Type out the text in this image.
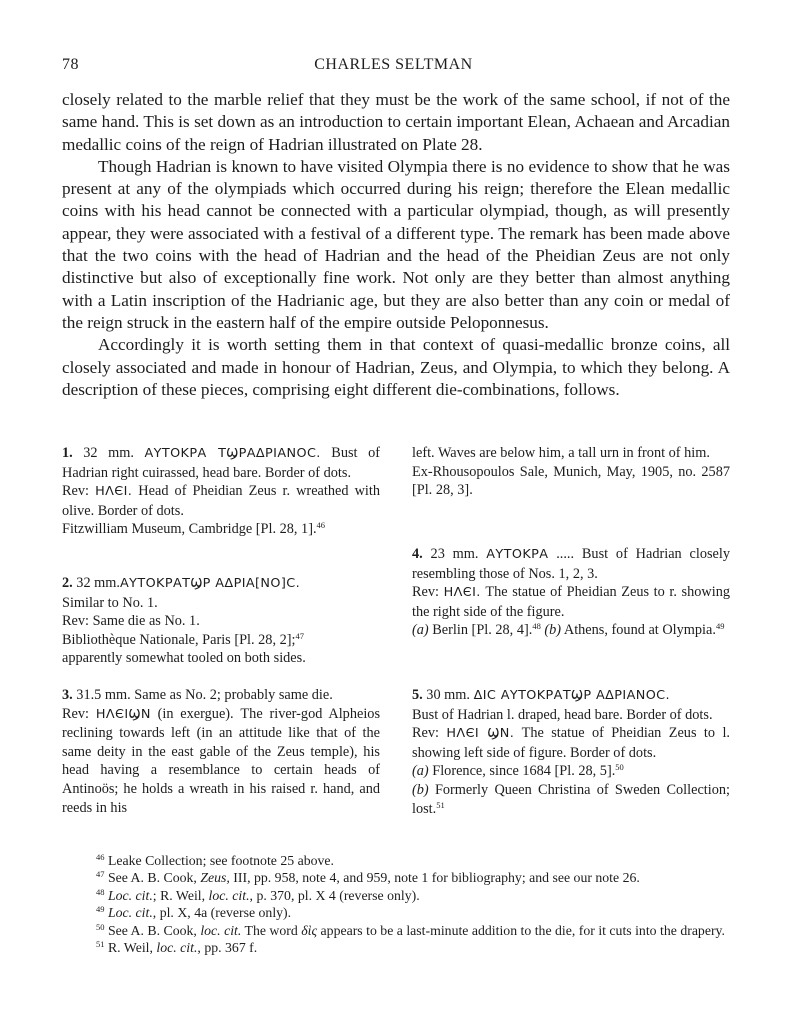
78	CHARLES SELTMAN

closely related to the marble relief that they must be the work of the same school, if not of the same hand. This is set down as an introduction to certain important Elean, Achaean and Arcadian medallic coins of the reign of Hadrian illustrated on Plate 28.

Though Hadrian is known to have visited Olympia there is no evidence to show that he was present at any of the olympiads which occurred during his reign; therefore the Elean medallic coins with his head cannot be connected with a particular olympiad, though, as will presently appear, they were associated with a festival of a different type. The remark has been made above that the two coins with the head of Hadrian and the head of the Pheidian Zeus are not only distinctive but also of exceptionally fine work. Not only are they better than almost anything with a Latin inscription of the Hadrianic age, but they are also better than any coin or medal of the reign struck in the eastern half of the empire outside Peloponnesus.

Accordingly it is worth setting them in that context of quasi-medallic bronze coins, all closely associated and made in honour of Hadrian, Zeus, and Olympia, to which they belong. A description of these pieces, comprising eight different die-combinations, follows.

1. 32 mm. ΑΥΤΟΚΡΑ ΤϢΡΑΔΡΙΑΝΟϹ. Bust of Hadrian right cuirassed, head bare. Border of dots.

Rev: ΗΛЄΙ. Head of Pheidian Zeus r. wreathed with olive. Border of dots.

Fitzwilliam Museum, Cambridge [Pl. 28, 1].$^{46}$

2. 32 mm.ΑΥΤΟΚΡΑΤϢΡ ΑΔΡΙΑ[ΝΟ]Ϲ.

Similar to No. 1.

Rev: Same die as No. 1.

Bibliothèque Nationale, Paris [Pl. 28, 2];$^{47}$

apparently somewhat tooled on both sides.

3. 31.5 mm. Same as No. 2; probably same die.

Rev: ΗΛЄΙϢΝ (in exergue). The river-god Alpheios reclining towards left (in an attitude like that of the same deity in the east gable of the Zeus temple), his head having a resemblance to certain heads of Antinoös; he holds a wreath in his raised r. hand, and reeds in his

left. Waves are below him, a tall urn in front of him.

Ex-Rhousopoulos Sale, Munich, May, 1905, no. 2587 [Pl. 28, 3].

4. 23 mm. ΑΥΤΟΚΡΑ ..... Bust of Hadrian closely resembling those of Nos. 1, 2, 3.

Rev: ΗΛЄΙ. The statue of Pheidian Zeus to r. showing the right side of the figure.

(a) Berlin [Pl. 28, 4].$^{48}$ (b) Athens, found at Olympia.$^{49}$

5. 30 mm. ΔΙϹ ΑΥΤΟΚΡΑΤϢΡ ΑΔΡΙΑΝΟϹ.

Bust of Hadrian l. draped, head bare. Border of dots.

Rev: ΗΛЄΙ ϢΝ. The statue of Pheidian Zeus to l. showing left side of figure. Border of dots.

(a) Florence, since 1684 [Pl. 28, 5].$^{50}$

(b) Formerly Queen Christina of Sweden Collection; lost.$^{51}$

$^{46}$ Leake Collection; see footnote 25 above.

$^{47}$ See A. B. Cook, Zeus, III, pp. 958, note 4, and 959, note 1 for bibliography; and see our note 26.

$^{48}$ Loc. cit.; R. Weil, loc. cit., p. 370, pl. X 4 (reverse only).

$^{49}$ Loc. cit., pl. X, 4a (reverse only).

$^{50}$ See A. B. Cook, loc. cit. The word δὶς appears to be a last-minute addition to the die, for it cuts into the drapery.

$^{51}$ R. Weil, loc. cit., pp. 367 f.
